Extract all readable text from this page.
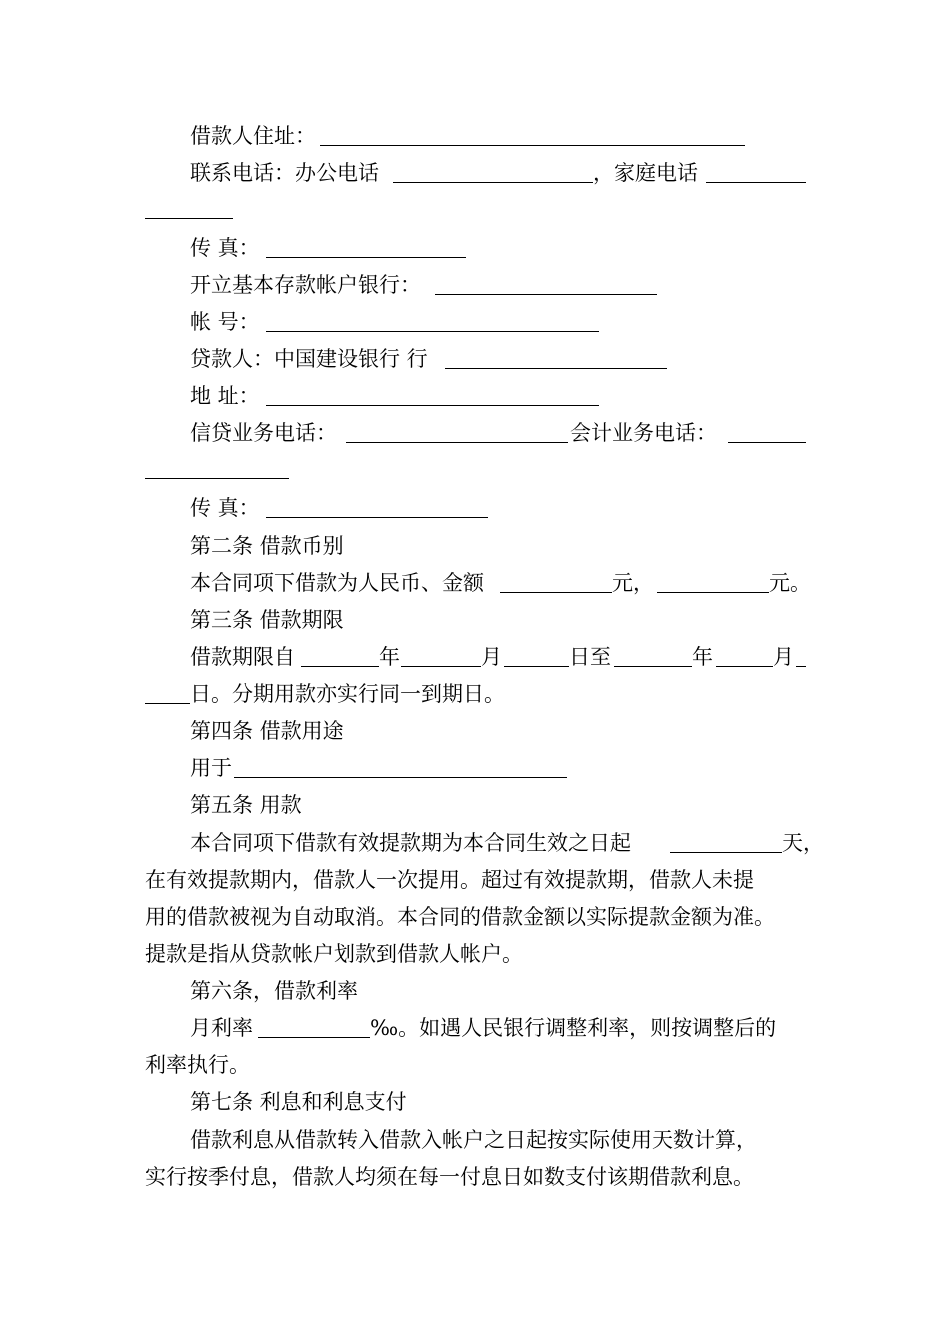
借款人住址：
联系电话：办公电话	，家庭电话
传 真：
开立基本存款帐户银行：
帐 号：
贷款人：中国建设银行 行
地 址：
信贷业务电话：	会计业务电话：
传 真：
第二条 借款币别
本合同项下借款为人民币、金额	元，	元。
第三条 借款期限
借款期限自	年	月	日至	年	月
日。分期用款亦实行同一到期日。
第四条 借款用途
用于
第五条 用款
本合同项下借款有效提款期为本合同生效之日起	天，
在有效提款期内，借款人一次提用。超过有效提款期，借款人未提
用的借款被视为自动取消。本合同的借款金额以实际提款金额为准。
提款是指从贷款帐户划款到借款人帐户。
第六条，借款利率
月利率	‰。如遇人民银行调整利率，则按调整后的
利率执行。
第七条 利息和利息支付
借款利息从借款转入借款入帐户之日起按实际使用天数计算，
实行按季付息，借款人均须在每一付息日如数支付该期借款利息。
